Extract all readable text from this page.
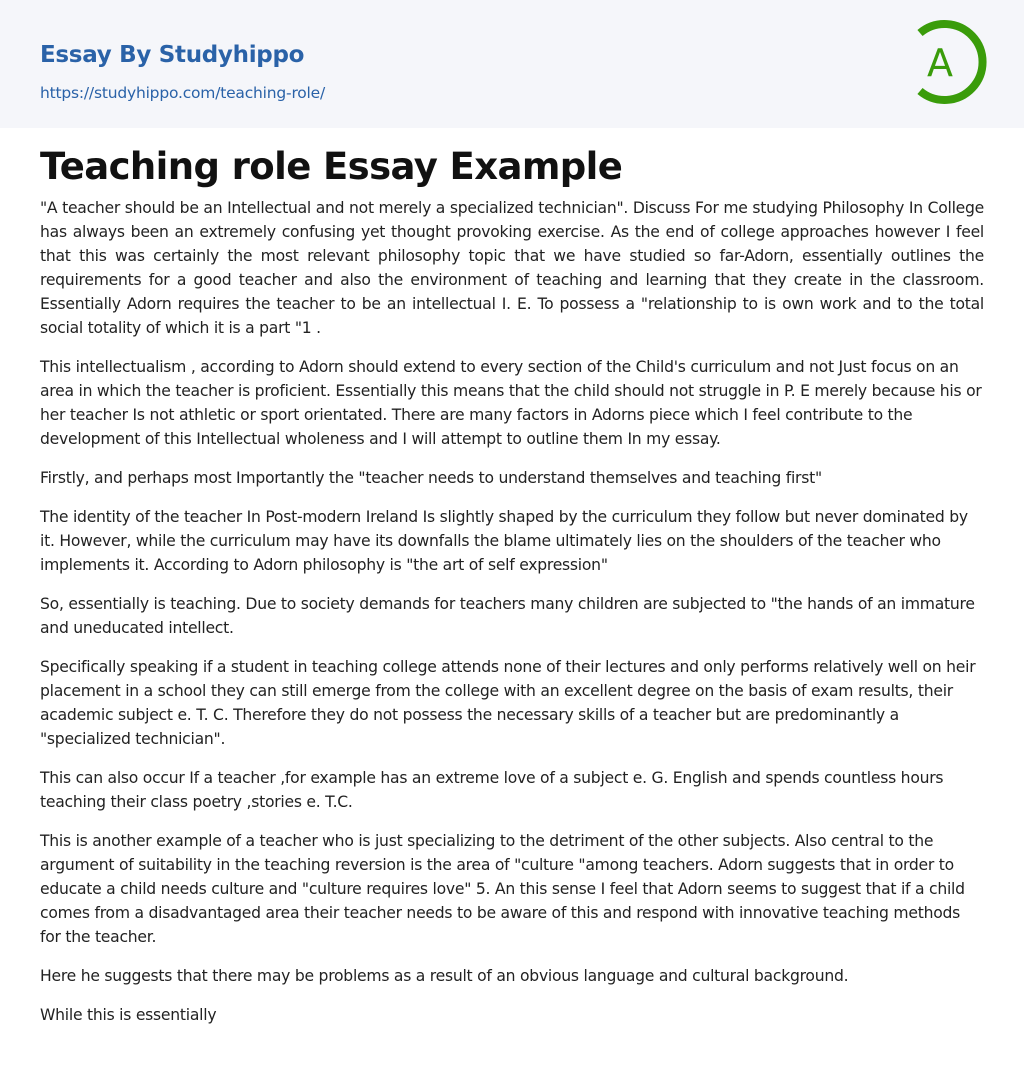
Essay By Studyhippo
https://studyhippo.com/teaching-role/
A
Teaching role Essay Example

"A teacher should be an Intellectual and not merely a specialized technician". Discuss For me studying Philosophy In College has always been an extremely confusing yet thought provoking exercise. As the end of college approaches however I feel that this was certainly the most relevant philosophy topic that we have studied so far-Adorn, essentially outlines the requirements for a good teacher and also the environment of teaching and learning that they create in the classroom. Essentially Adorn requires the teacher to be an intellectual I. E. To possess a "relationship to is own work and to the total social totality of which it is a part "1 .

This intellectualism , according to Adorn should extend to every section of the Child's curriculum and not Just focus on an area in which the teacher is proficient. Essentially this means that the child should not struggle in P. E merely because his or her teacher Is not athletic or sport orientated. There are many factors in Adorns piece which I feel contribute to the development of this Intellectual wholeness and I will attempt to outline them In my essay.

Firstly, and perhaps most Importantly the "teacher needs to understand themselves and teaching first"

The identity of the teacher In Post-modern Ireland Is slightly shaped by the curriculum they follow but never dominated by it. However, while the curriculum may have its downfalls the blame ultimately lies on the shoulders of the teacher who implements it. According to Adorn philosophy is "the art of self expression"

So, essentially is teaching. Due to society demands for teachers many children are subjected to "the hands of an immature and uneducated intellect.

Specifically speaking if a student in teaching college attends none of their lectures and only performs relatively well on heir placement in a school they can still emerge from the college with an excellent degree on the basis of exam results, their academic subject e. T. C. Therefore they do not possess the necessary skills of a teacher but are predominantly a "specialized technician".

This can also occur If a teacher ,for example has an extreme love of a subject e. G. English and spends countless hours teaching their class poetry ,stories e. T.C.

This is another example of a teacher who is just specializing to the detriment of the other subjects. Also central to the argument of suitability in the teaching reversion is the area of "culture "among teachers. Adorn suggests that in order to educate a child needs culture and "culture requires love" 5. An this sense I feel that Adorn seems to suggest that if a child comes from a disadvantaged area their teacher needs to be aware of this and respond with innovative teaching methods for the teacher.

Here he suggests that there may be problems as a result of an obvious language and cultural background.

While this is essentially
